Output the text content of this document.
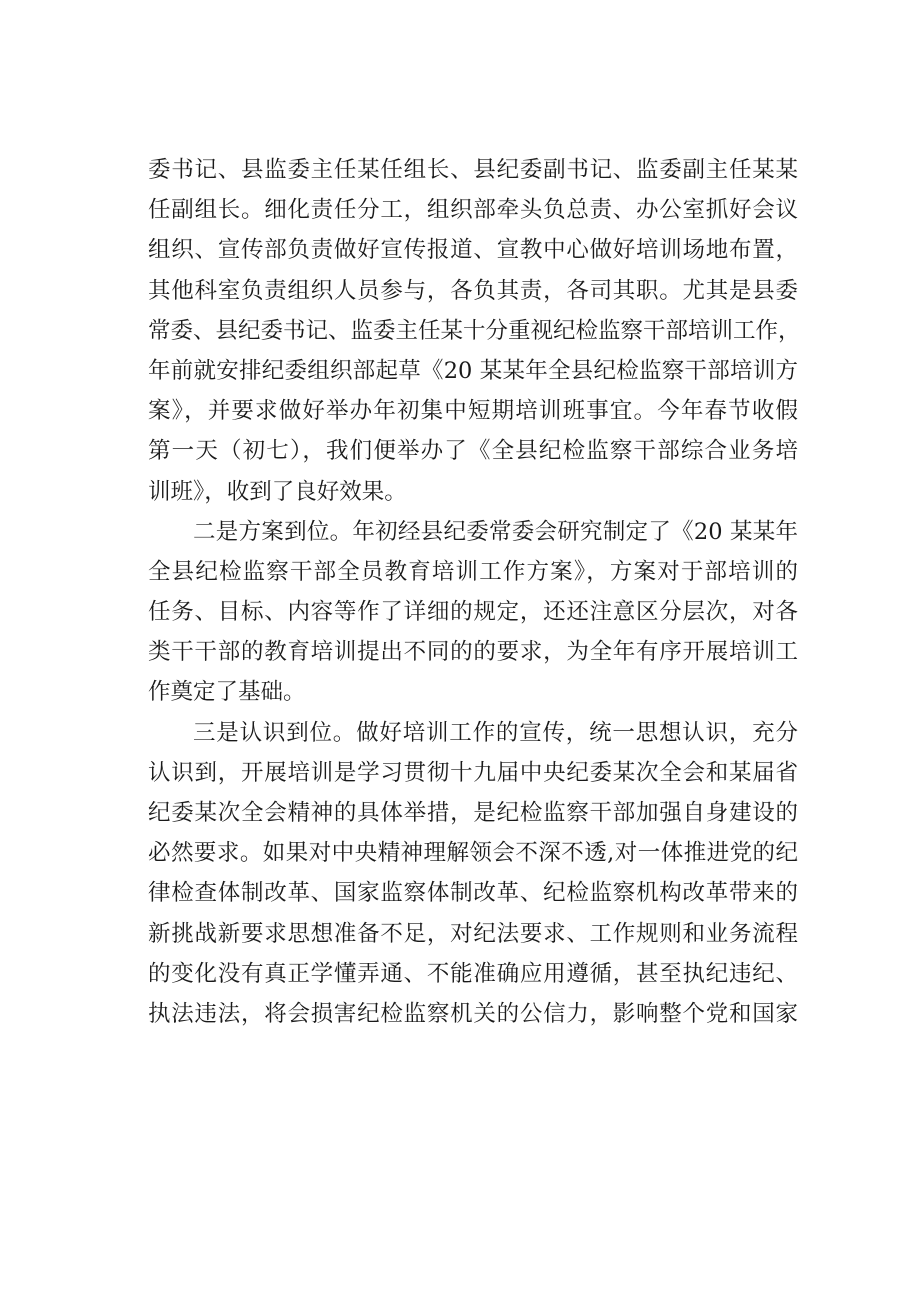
委书记、县监委主任某任组长、县纪委副书记、监委副主任某某
任副组长。细化责任分工，组织部牵头负总责、办公室抓好会议
组织、宣传部负责做好宣传报道、宣教中心做好培训场地布置，
其他科室负责组织人员参与，各负其责，各司其职。尤其是县委
常委、县纪委书记、监委主任某十分重视纪检监察干部培训工作，
年前就安排纪委组织部起草《20 某某年全县纪检监察干部培训方
案》，并要求做好举办年初集中短期培训班事宜。今年春节收假
第一天（初七），我们便举办了《全县纪检监察干部综合业务培
训班》，收到了良好效果。
二是方案到位。年初经县纪委常委会研究制定了《20 某某年
全县纪检监察干部全员教育培训工作方案》，方案对于部培训的
任务、目标、内容等作了详细的规定，还还注意区分层次，对各
类干干部的教育培训提出不同的的要求，为全年有序开展培训工
作奠定了基础。
三是认识到位。做好培训工作的宣传，统一思想认识，充分
认识到，开展培训是学习贯彻十九届中央纪委某次全会和某届省
纪委某次全会精神的具体举措，是纪检监察干部加强自身建设的
必然要求。如果对中央精神理解领会不深不透,对一体推进党的纪
律检查体制改革、国家监察体制改革、纪检监察机构改革带来的
新挑战新要求思想准备不足，对纪法要求、工作规则和业务流程
的变化没有真正学懂弄通、不能准确应用遵循，甚至执纪违纪、
执法违法，将会损害纪检监察机关的公信力，影响整个党和国家
